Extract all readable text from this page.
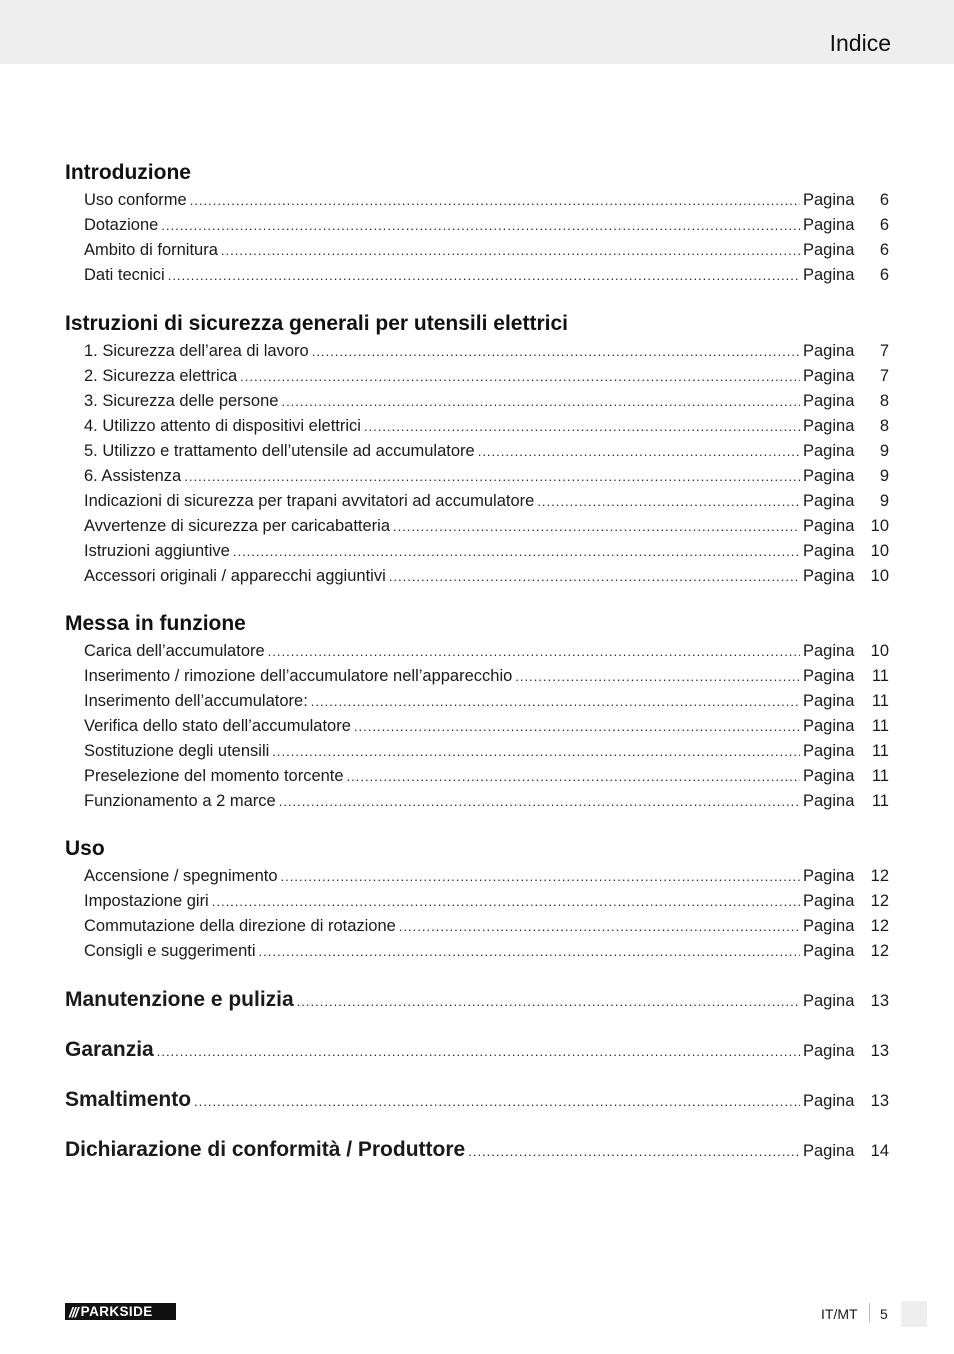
Indice
Introduzione
Uso conforme .....	Pagina	6
Dotazione .....	Pagina	6
Ambito di fornitura .....	Pagina	6
Dati tecnici .....	Pagina	6
Istruzioni di sicurezza generali per utensili elettrici
1. Sicurezza dell’area di lavoro .....	Pagina	7
2. Sicurezza elettrica .....	Pagina	7
3. Sicurezza delle persone .....	Pagina	8
4. Utilizzo attento di dispositivi elettrici .....	Pagina	8
5. Utilizzo e trattamento dell’utensile ad accumulatore .....	Pagina	9
6. Assistenza .....	Pagina	9
Indicazioni di sicurezza per trapani avvitatori ad accumulatore .....	Pagina	9
Avvertenze di sicurezza per caricabatteria .....	Pagina 10
Istruzioni aggiuntive .....	Pagina 10
Accessori originali / apparecchi aggiuntivi .....	Pagina 10
Messa in funzione
Carica dell’accumulatore .....	Pagina 10
Inserimento / rimozione dell’accumulatore nell’apparecchio .....	Pagina	11
Inserimento dell’accumulatore: .....	Pagina	11
Verifica dello stato dell’accumulatore .....	Pagina	11
Sostituzione degli utensili .....	Pagina	11
Preselezione del momento torcente .....	Pagina	11
Funzionamento a 2 marce .....	Pagina	11
Uso
Accensione / spegnimento .....	Pagina 12
Impostazione giri .....	Pagina 12
Commutazione della direzione di rotazione .....	Pagina 12
Consigli e suggerimenti .....	Pagina 12
Manutenzione e pulizia .....	Pagina 13
Garanzia .....	Pagina 13
Smaltimento .....	Pagina 13
Dichiarazione di conformità / Produttore .....	Pagina 14
/// PARKSIDE	IT/MT 5
